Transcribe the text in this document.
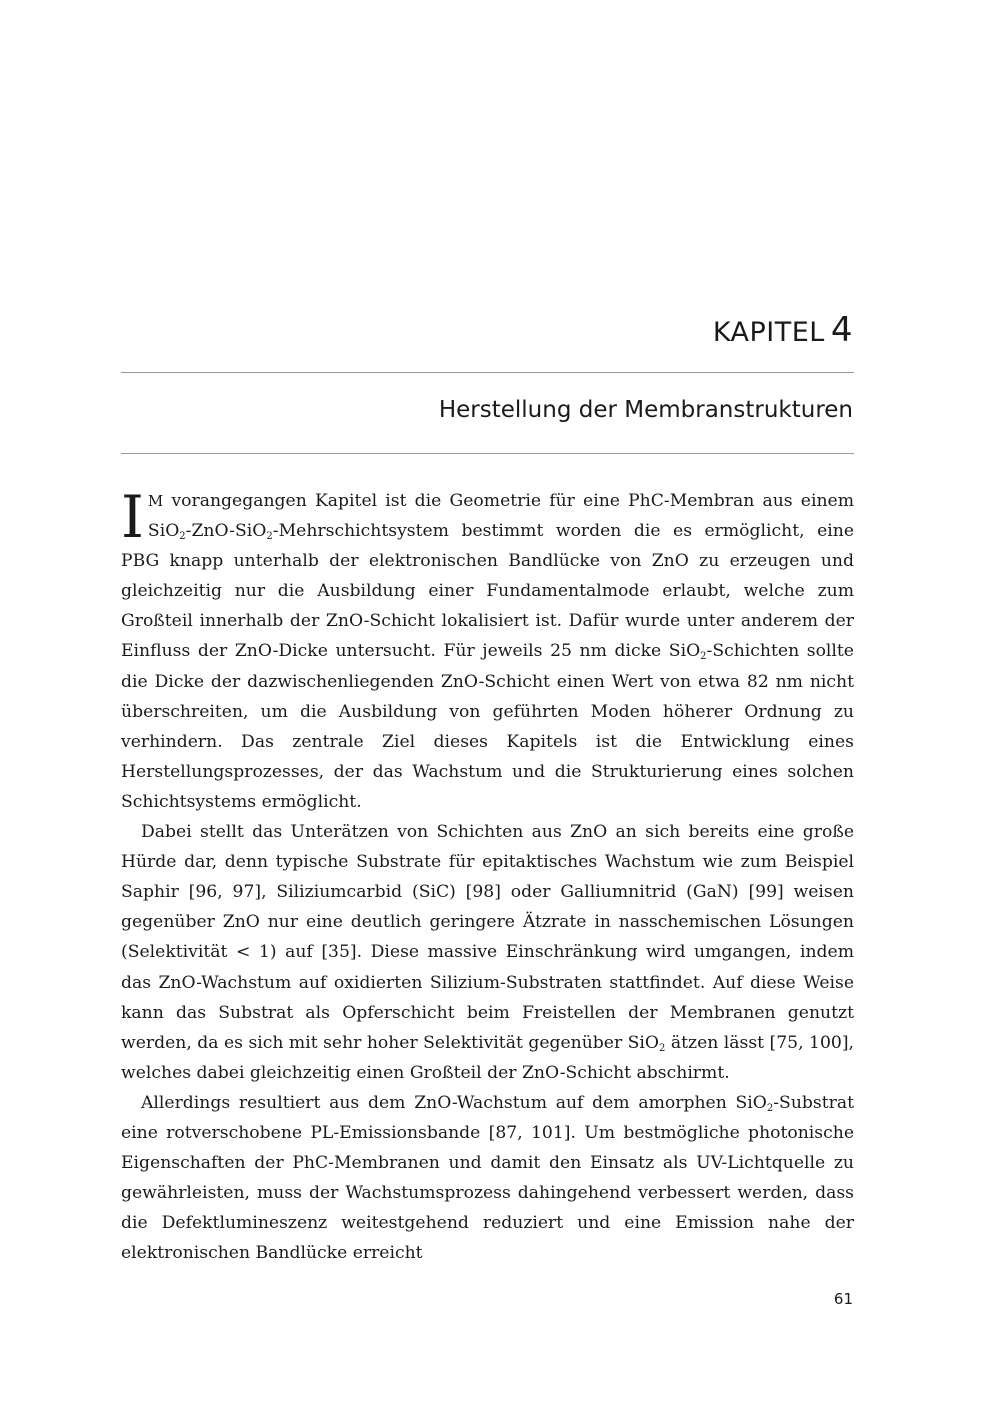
KAPITEL 4
Herstellung der Membranstrukturen

I M vorangegangen Kapitel ist die Geometrie für eine PhC-Membran aus einem SiO$_2$-ZnO-SiO$_2$-Mehrschichtsystem bestimmt worden die es ermöglicht, eine PBG knapp unterhalb der elektronischen Bandlücke von ZnO zu erzeugen und gleichzeitig nur die Ausbildung einer Fundamentalmode erlaubt, welche zum Großteil innerhalb der ZnO-Schicht lokalisiert ist. Dafür wurde unter anderem der Einfluss der ZnO-Dicke untersucht. Für jeweils 25 nm dicke SiO$_2$-Schichten sollte die Dicke der dazwischenliegenden ZnO-Schicht einen Wert von etwa 82 nm nicht überschreiten, um die Ausbildung von geführten Moden höherer Ordnung zu verhindern. Das zentrale Ziel dieses Kapitels ist die Entwicklung eines Herstellungsprozesses, der das Wachstum und die Strukturierung eines solchen Schichtsystems ermöglicht.

Dabei stellt das Unterätzen von Schichten aus ZnO an sich bereits eine große Hürde dar, denn typische Substrate für epitaktisches Wachstum wie zum Beispiel Saphir [96, 97], Siliziumcarbid (SiC) [98] oder Galliumnitrid (GaN) [99] weisen gegenüber ZnO nur eine deutlich geringere Ätzrate in nasschemischen Lösungen (Selektivität < 1) auf [35]. Diese massive Einschränkung wird umgangen, indem das ZnO-Wachstum auf oxidierten Silizium-Substraten stattfindet. Auf diese Weise kann das Substrat als Opferschicht beim Freistellen der Membranen genutzt werden, da es sich mit sehr hoher Selektivität gegenüber SiO$_2$ ätzen lässt [75, 100], welches dabei gleichzeitig einen Großteil der ZnO-Schicht abschirmt.

Allerdings resultiert aus dem ZnO-Wachstum auf dem amorphen SiO$_2$-Substrat eine rotverschobene PL-Emissionsbande [87, 101]. Um bestmögliche photonische Eigenschaften der PhC-Membranen und damit den Einsatz als UV-Lichtquelle zu gewährleisten, muss der Wachstumsprozess dahingehend verbessert werden, dass die Defektlumineszenz weitestgehend reduziert und eine Emission nahe der elektronischen Bandlücke erreicht

61
